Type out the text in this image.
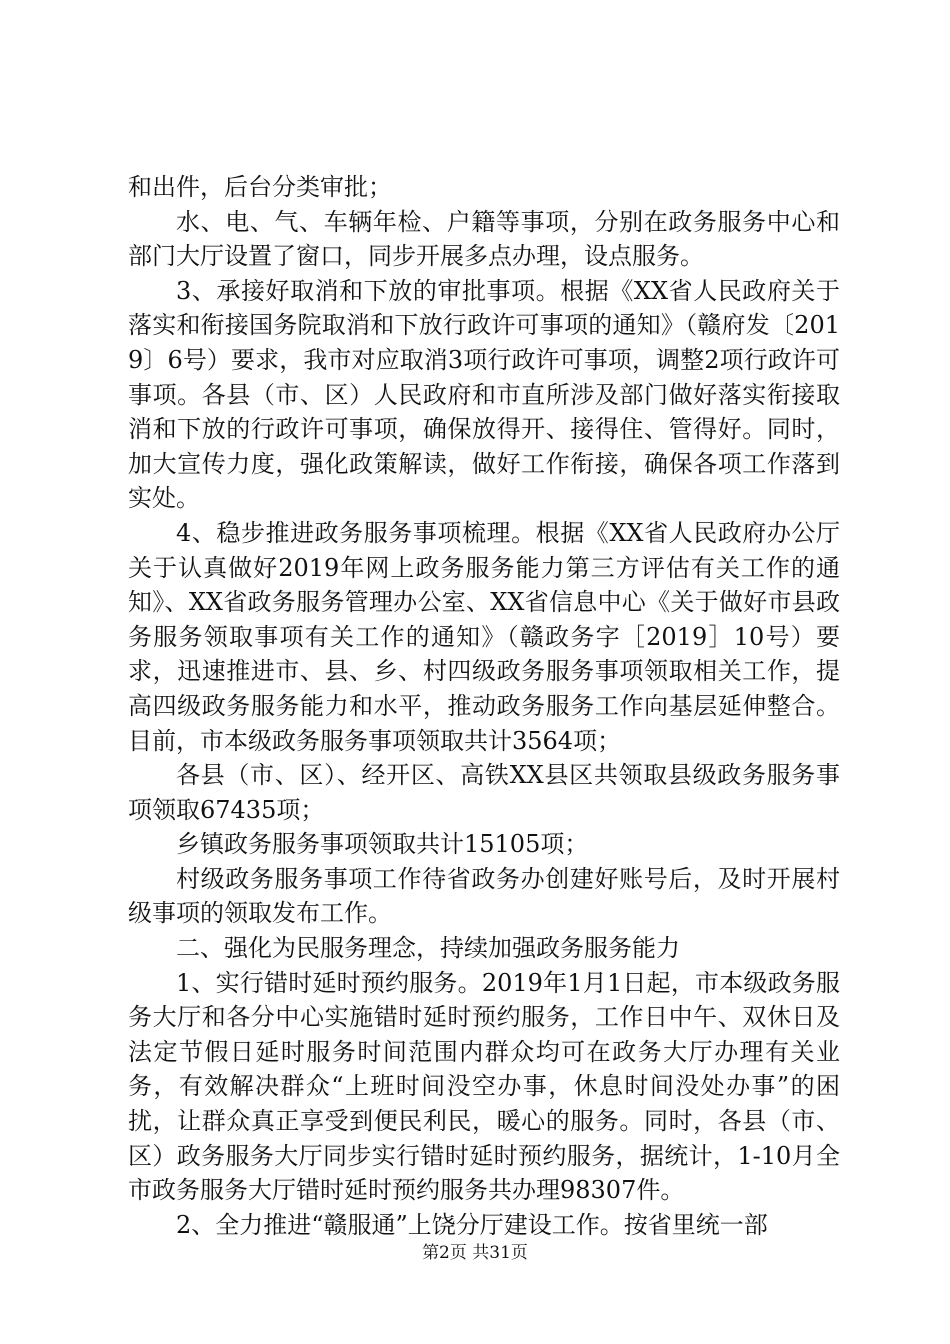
和出件，后台分类审批；

水、电、气、车辆年检、户籍等事项，分别在政务服务中心和部门大厅设置了窗口，同步开展多点办理，设点服务。

3、承接好取消和下放的审批事项。根据《XX省人民政府关于落实和衔接国务院取消和下放行政许可事项的通知》（赣府发〔2019〕6号）要求，我市对应取消3项行政许可事项，调整2项行政许可事项。各县（市、区）人民政府和市直所涉及部门做好落实衔接取消和下放的行政许可事项，确保放得开、接得住、管得好。同时，加大宣传力度，强化政策解读，做好工作衔接，确保各项工作落到实处。

4、稳步推进政务服务事项梳理。根据《XX省人民政府办公厅关于认真做好2019年网上政务服务能力第三方评估有关工作的通知》、XX省政务服务管理办公室、XX省信息中心《关于做好市县政务服务领取事项有关工作的通知》（赣政务字［2019］10号）要求，迅速推进市、县、乡、村四级政务服务事项领取相关工作，提高四级政务服务能力和水平，推动政务服务工作向基层延伸整合。目前，市本级政务服务事项领取共计3564项；

各县（市、区）、经开区、高铁XX县区共领取县级政务服务事项领取67435项；

乡镇政务服务事项领取共计15105项；

村级政务服务事项工作待省政务办创建好账号后，及时开展村级事项的领取发布工作。

二、强化为民服务理念，持续加强政务服务能力

1、实行错时延时预约服务。2019年1月1日起，市本级政务服务大厅和各分中心实施错时延时预约服务，工作日中午、双休日及法定节假日延时服务时间范围内群众均可在政务大厅办理有关业务，有效解决群众“上班时间没空办事，休息时间没处办事”的困扰，让群众真正享受到便民利民，暖心的服务。同时，各县（市、区）政务服务大厅同步实行错时延时预约服务，据统计，1-10月全市政务服务大厅错时延时预约服务共办理98307件。

2、全力推进“赣服通”上饶分厅建设工作。按省里统一部

第2页 共31页
